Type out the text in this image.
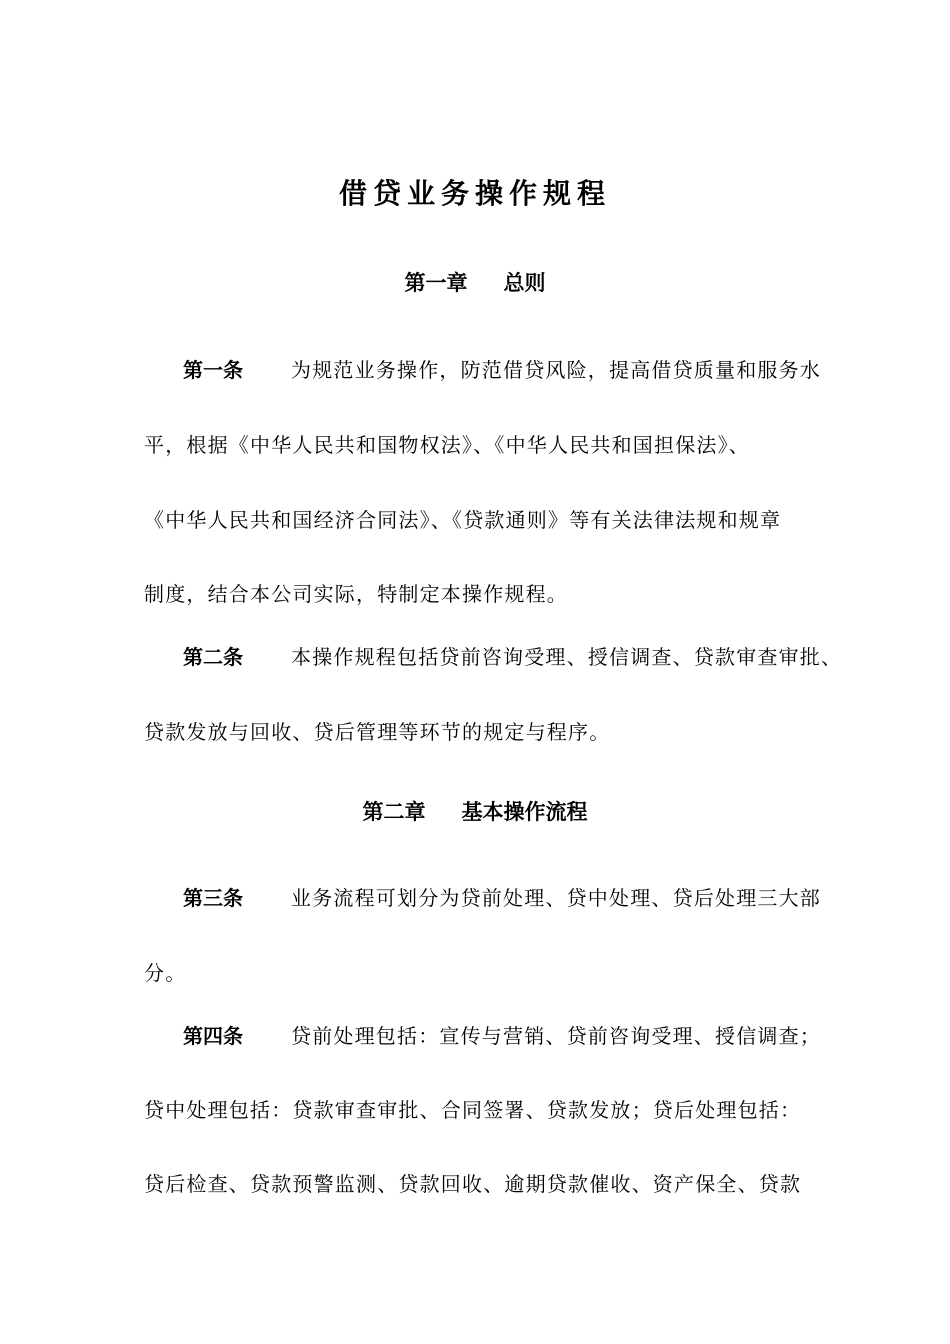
借贷业务操作规程
第一章 总则
第一条 为规范业务操作，防范借贷风险，提高借贷质量和服务水
平，根据《中华人民共和国物权法》、《中华人民共和国担保法》、
《中华人民共和国经济合同法》、《贷款通则》等有关法律法规和规章
制度，结合本公司实际，特制定本操作规程。
第二条 本操作规程包括贷前咨询受理、授信调查、贷款审查审批、
贷款发放与回收、贷后管理等环节的规定与程序。
第二章 基本操作流程
第三条 业务流程可划分为贷前处理、贷中处理、贷后处理三大部
分。
第四条 贷前处理包括：宣传与营销、贷前咨询受理、授信调查；
贷中处理包括：贷款审查审批、合同签署、贷款发放；贷后处理包括：
贷后检查、贷款预警监测、贷款回收、逾期贷款催收、资产保全、贷款
